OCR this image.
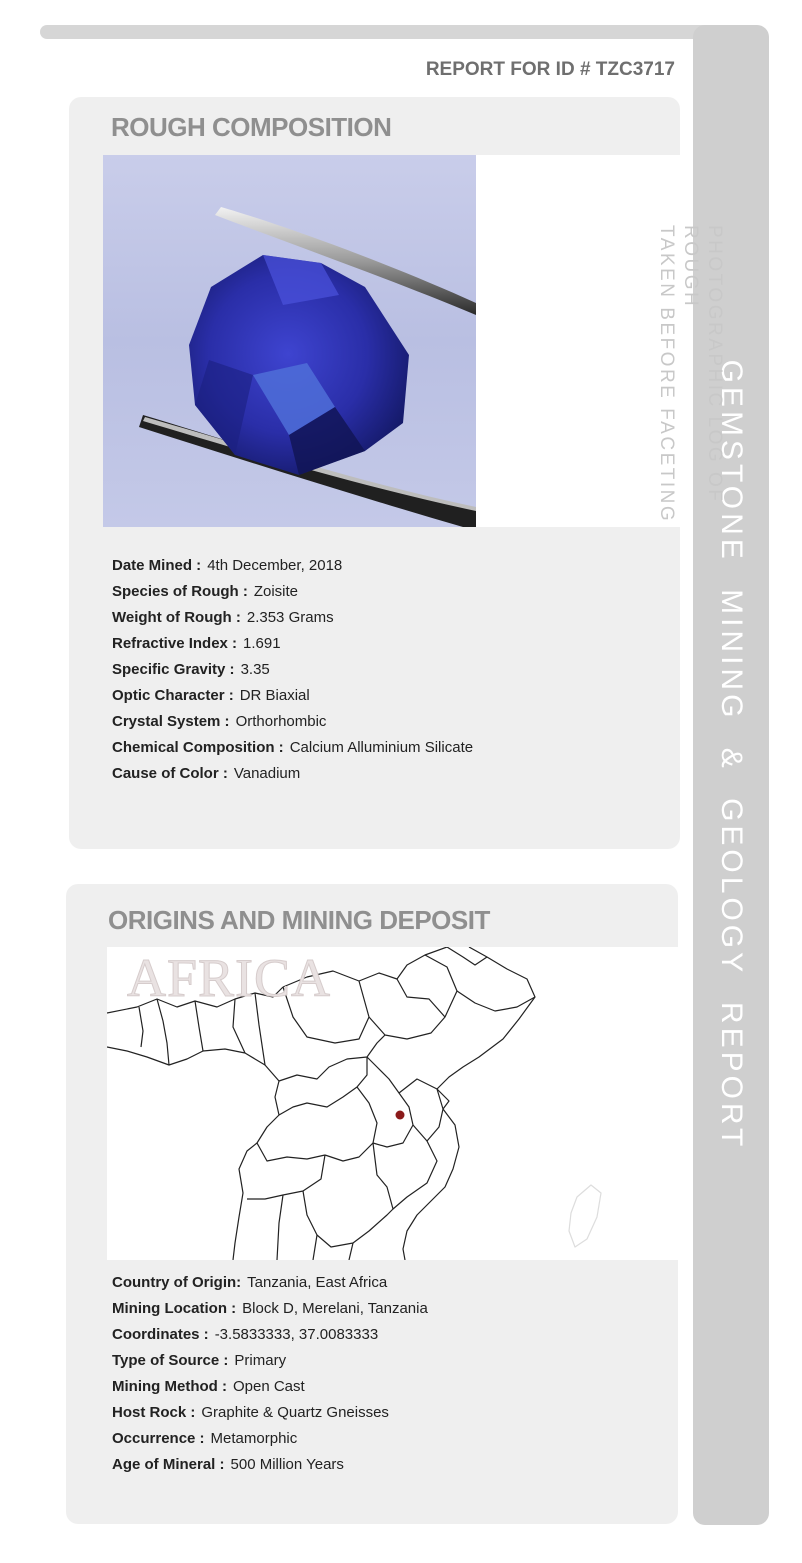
GEMSTONE MINING & GEOLOGY REPORT

REPORT FOR ID # TZC3717

ROUGH COMPOSITION

PHOTOGRAPHIC LOG OF ROUGH
TAKEN BEFORE FACETING

Date Mined : 4th December, 2018
Species of Rough : Zoisite
Weight of Rough : 2.353 Grams
Refractive Index : 1.691
Specific Gravity : 3.35
Optic Character : DR Biaxial
Crystal System : Orthorhombic
Chemical Composition : Calcium Alluminium Silicate
Cause of Color : Vanadium
ORIGINS AND MINING DEPOSIT

AFRICA

Country of Origin: Tanzania, East Africa
Mining Location : Block D, Merelani, Tanzania
Coordinates : -3.5833333, 37.0083333
Type of Source : Primary
Mining Method : Open Cast
Host Rock : Graphite & Quartz Gneisses
Occurrence : Metamorphic
Age of Mineral : 500 Million Years
